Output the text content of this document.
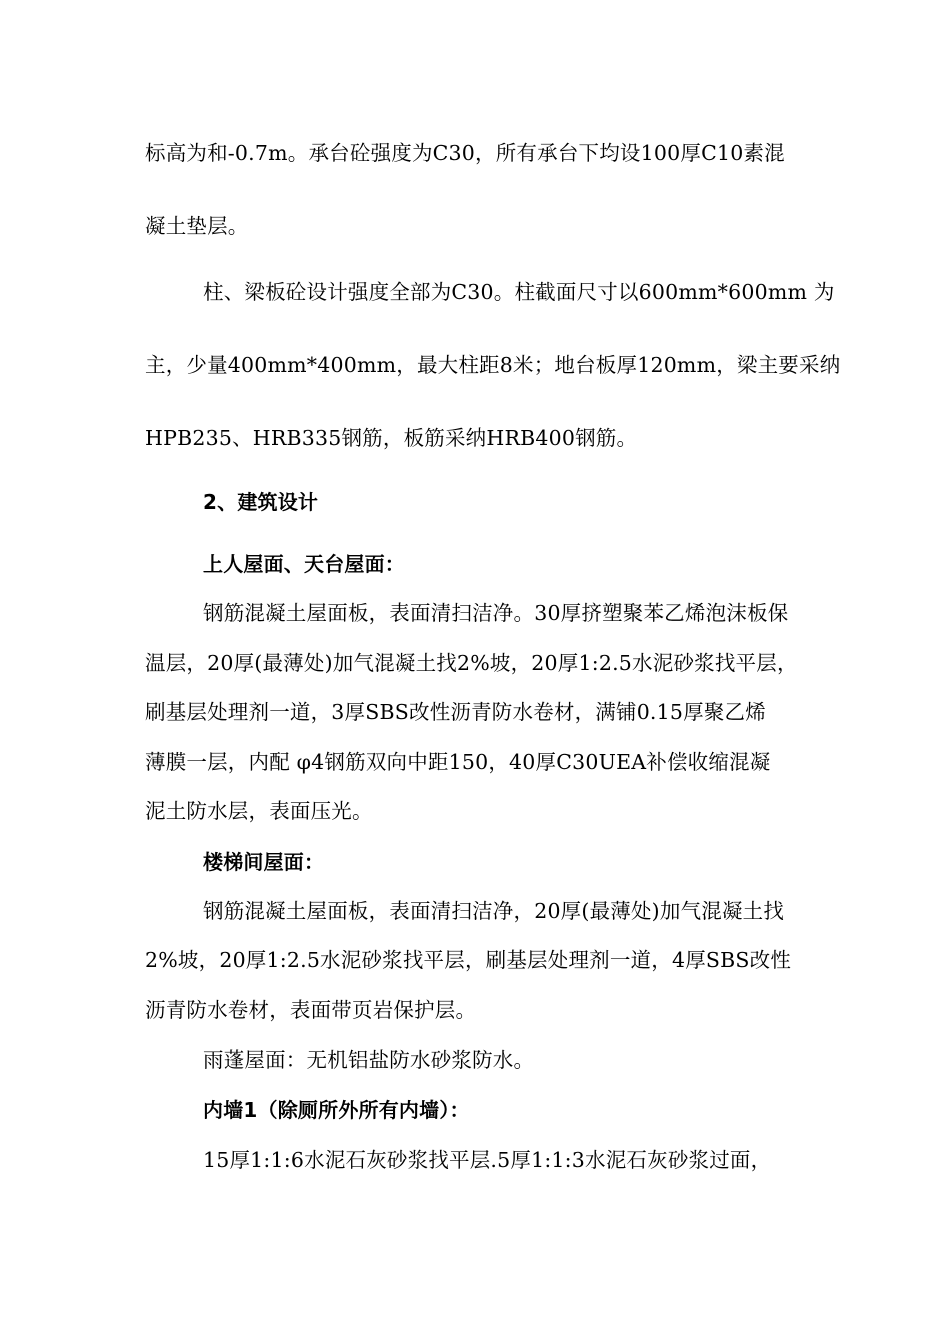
标高为和-0.7m。承台砼强度为C30，所有承台下均设100厚C10素混

凝土垫层。

柱、梁板砼设计强度全部为C30。柱截面尺寸以600mm*600mm 为

主，少量400mm*400mm，最大柱距8米；地台板厚120mm，梁主要采纳

HPB235、HRB335钢筋，板筋采纳HRB400钢筋。

2、建筑设计

上人屋面、天台屋面：

钢筋混凝土屋面板，表面清扫洁净。30厚挤塑聚苯乙烯泡沫板保

温层，20厚(最薄处)加气混凝土找2%坡，20厚1:2.5水泥砂浆找平层，

刷基层处理剂一道，3厚SBS改性沥青防水卷材，满铺0.15厚聚乙烯

薄膜一层，内配 φ4钢筋双向中距150，40厚C30UEA补偿收缩混凝

泥土防水层，表面压光。

楼梯间屋面：

钢筋混凝土屋面板，表面清扫洁净，20厚(最薄处)加气混凝土找

2%坡，20厚1:2.5水泥砂浆找平层，刷基层处理剂一道，4厚SBS改性

沥青防水卷材，表面带页岩保护层。

雨蓬屋面：无机铝盐防水砂浆防水。

内墙1（除厕所外所有内墙）：

15厚1:1:6水泥石灰砂浆找平层.5厚1:1:3水泥石灰砂浆过面，
